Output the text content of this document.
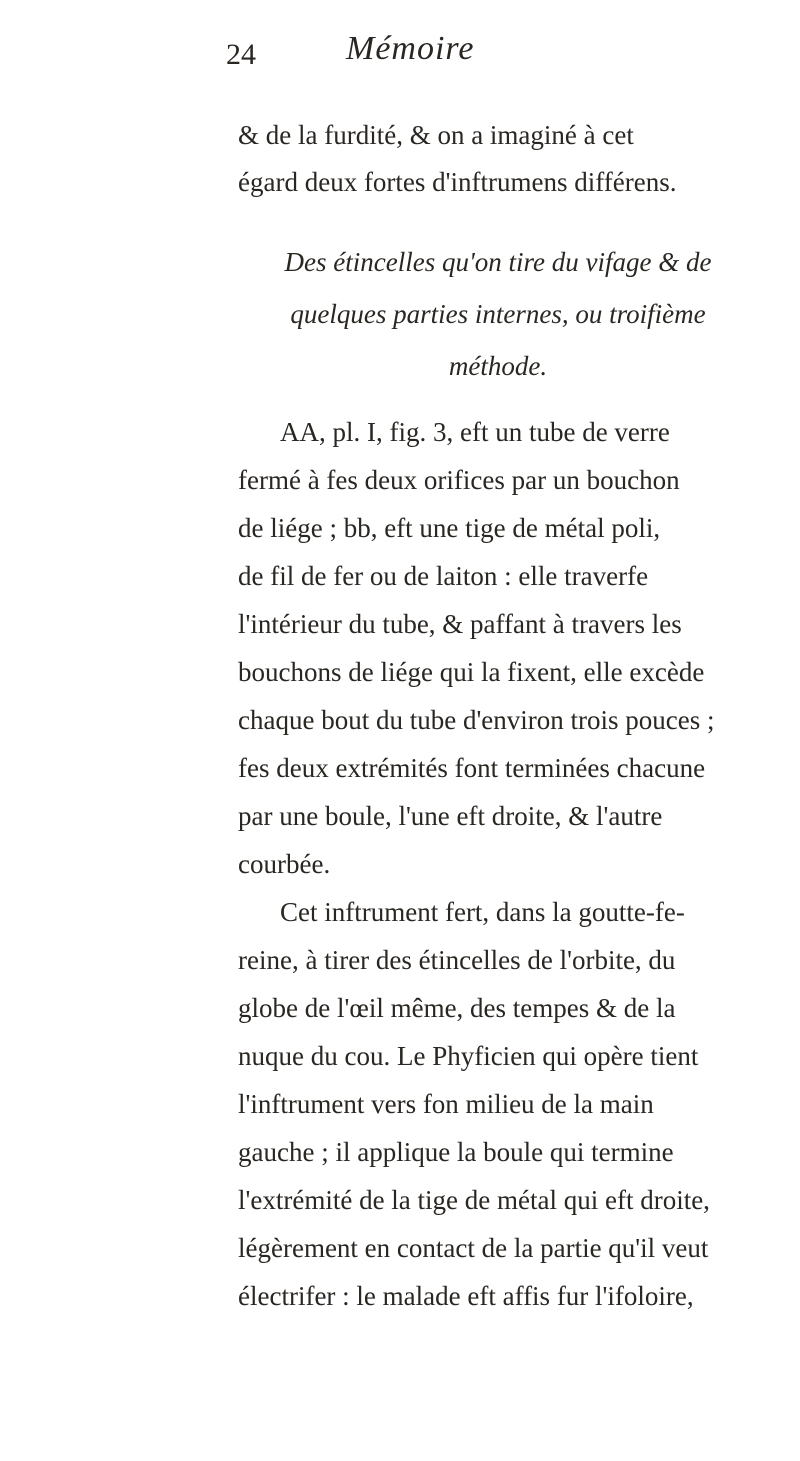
24	Mémoire
& de la furdité, & on a imaginé à cet
égard deux fortes d'inftrumens différens.
Des étincelles qu'on tire du vifage & de
quelques parties internes, ou troifième
méthode.
AA, pl. I, fig. 3, eft un tube de verre
fermé à fes deux orifices par un bouchon
de liége ; bb, eft une tige de métal poli,
de fil de fer ou de laiton : elle traverfe
l'intérieur du tube, & paffant à travers les
bouchons de liége qui la fixent, elle excède
chaque bout du tube d'environ trois pouces ;
fes deux extrémités font terminées chacune
par une boule, l'une eft droite, & l'autre
courbée.
Cet inftrument fert, dans la goutte-fe-
reine, à tirer des étincelles de l'orbite, du
globe de l'œil même, des tempes & de la
nuque du cou. Le Phyficien qui opère tient
l'inftrument vers fon milieu de la main
gauche ; il applique la boule qui termine
l'extrémité de la tige de métal qui eft droite,
légèrement en contact de la partie qu'il veut
électrifer : le malade eft affis fur l'ifoloire,
